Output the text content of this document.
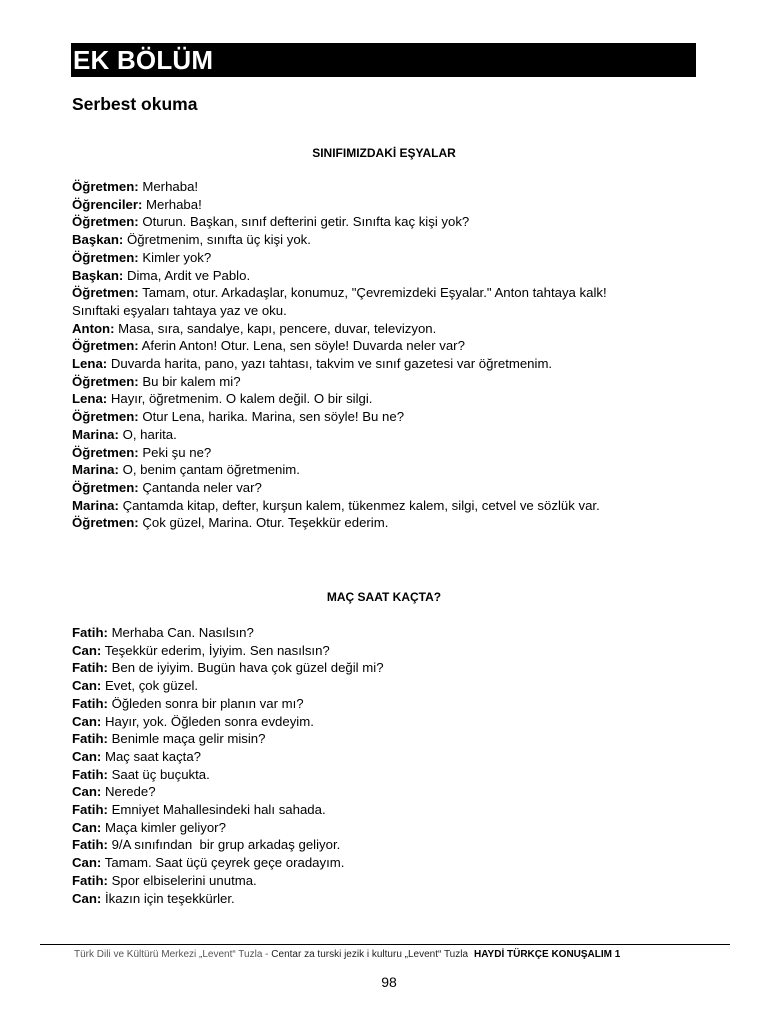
EK BÖLÜM
Serbest okuma
SINIFIMIZDAKİ EŞYALAR
Öğretmen: Merhaba!
Öğrenciler: Merhaba!
Öğretmen: Oturun. Başkan, sınıf defterini getir. Sınıfta kaç kişi yok?
Başkan: Öğretmenim, sınıfta üç kişi yok.
Öğretmen: Kimler yok?
Başkan: Dima, Ardit ve Pablo.
Öğretmen: Tamam, otur. Arkadaşlar, konumuz, "Çevremizdeki Eşyalar." Anton tahtaya kalk!
Sınıftaki eşyaları tahtaya yaz ve oku.
Anton: Masa, sıra, sandalye, kapı, pencere, duvar, televizyon.
Öğretmen: Aferin Anton! Otur. Lena, sen söyle! Duvarda neler var?
Lena: Duvarda harita, pano, yazı tahtası, takvim ve sınıf gazetesi var öğretmenim.
Öğretmen: Bu bir kalem mi?
Lena: Hayır, öğretmenim. O kalem değil. O bir silgi.
Öğretmen: Otur Lena, harika. Marina, sen söyle! Bu ne?
Marina: O, harita.
Öğretmen: Peki şu ne?
Marina: O, benim çantam öğretmenim.
Öğretmen: Çantanda neler var?
Marina: Çantamda kitap, defter, kurşun kalem, tükenmez kalem, silgi, cetvel ve sözlük var.
Öğretmen: Çok güzel, Marina. Otur. Teşekkür ederim.
MAÇ SAAT KAÇTA?
Fatih: Merhaba Can. Nasılsın?
Can: Teşekkür ederim, İyiyim. Sen nasılsın?
Fatih: Ben de iyiyim. Bugün hava çok güzel değil mi?
Can: Evet, çok güzel.
Fatih: Öğleden sonra bir planın var mı?
Can: Hayır, yok. Öğleden sonra evdeyim.
Fatih: Benimle maça gelir misin?
Can: Maç saat kaçta?
Fatih: Saat üç buçukta.
Can: Nerede?
Fatih: Emniyet Mahallesindeki halı sahada.
Can: Maça kimler geliyor?
Fatih: 9/A sınıfından  bir grup arkadaş geliyor.
Can: Tamam. Saat üçü çeyrek geçe oradayım.
Fatih: Spor elbiselerini unutma.
Can: İkazın için teşekkürler.
Türk Dili ve Kültürü Merkezi „Levent“ Tuzla - Centar za turski jezik i kulturu „Levent“ Tuzla HAYDİ TÜRKÇE KONUŞALIM 1
98
